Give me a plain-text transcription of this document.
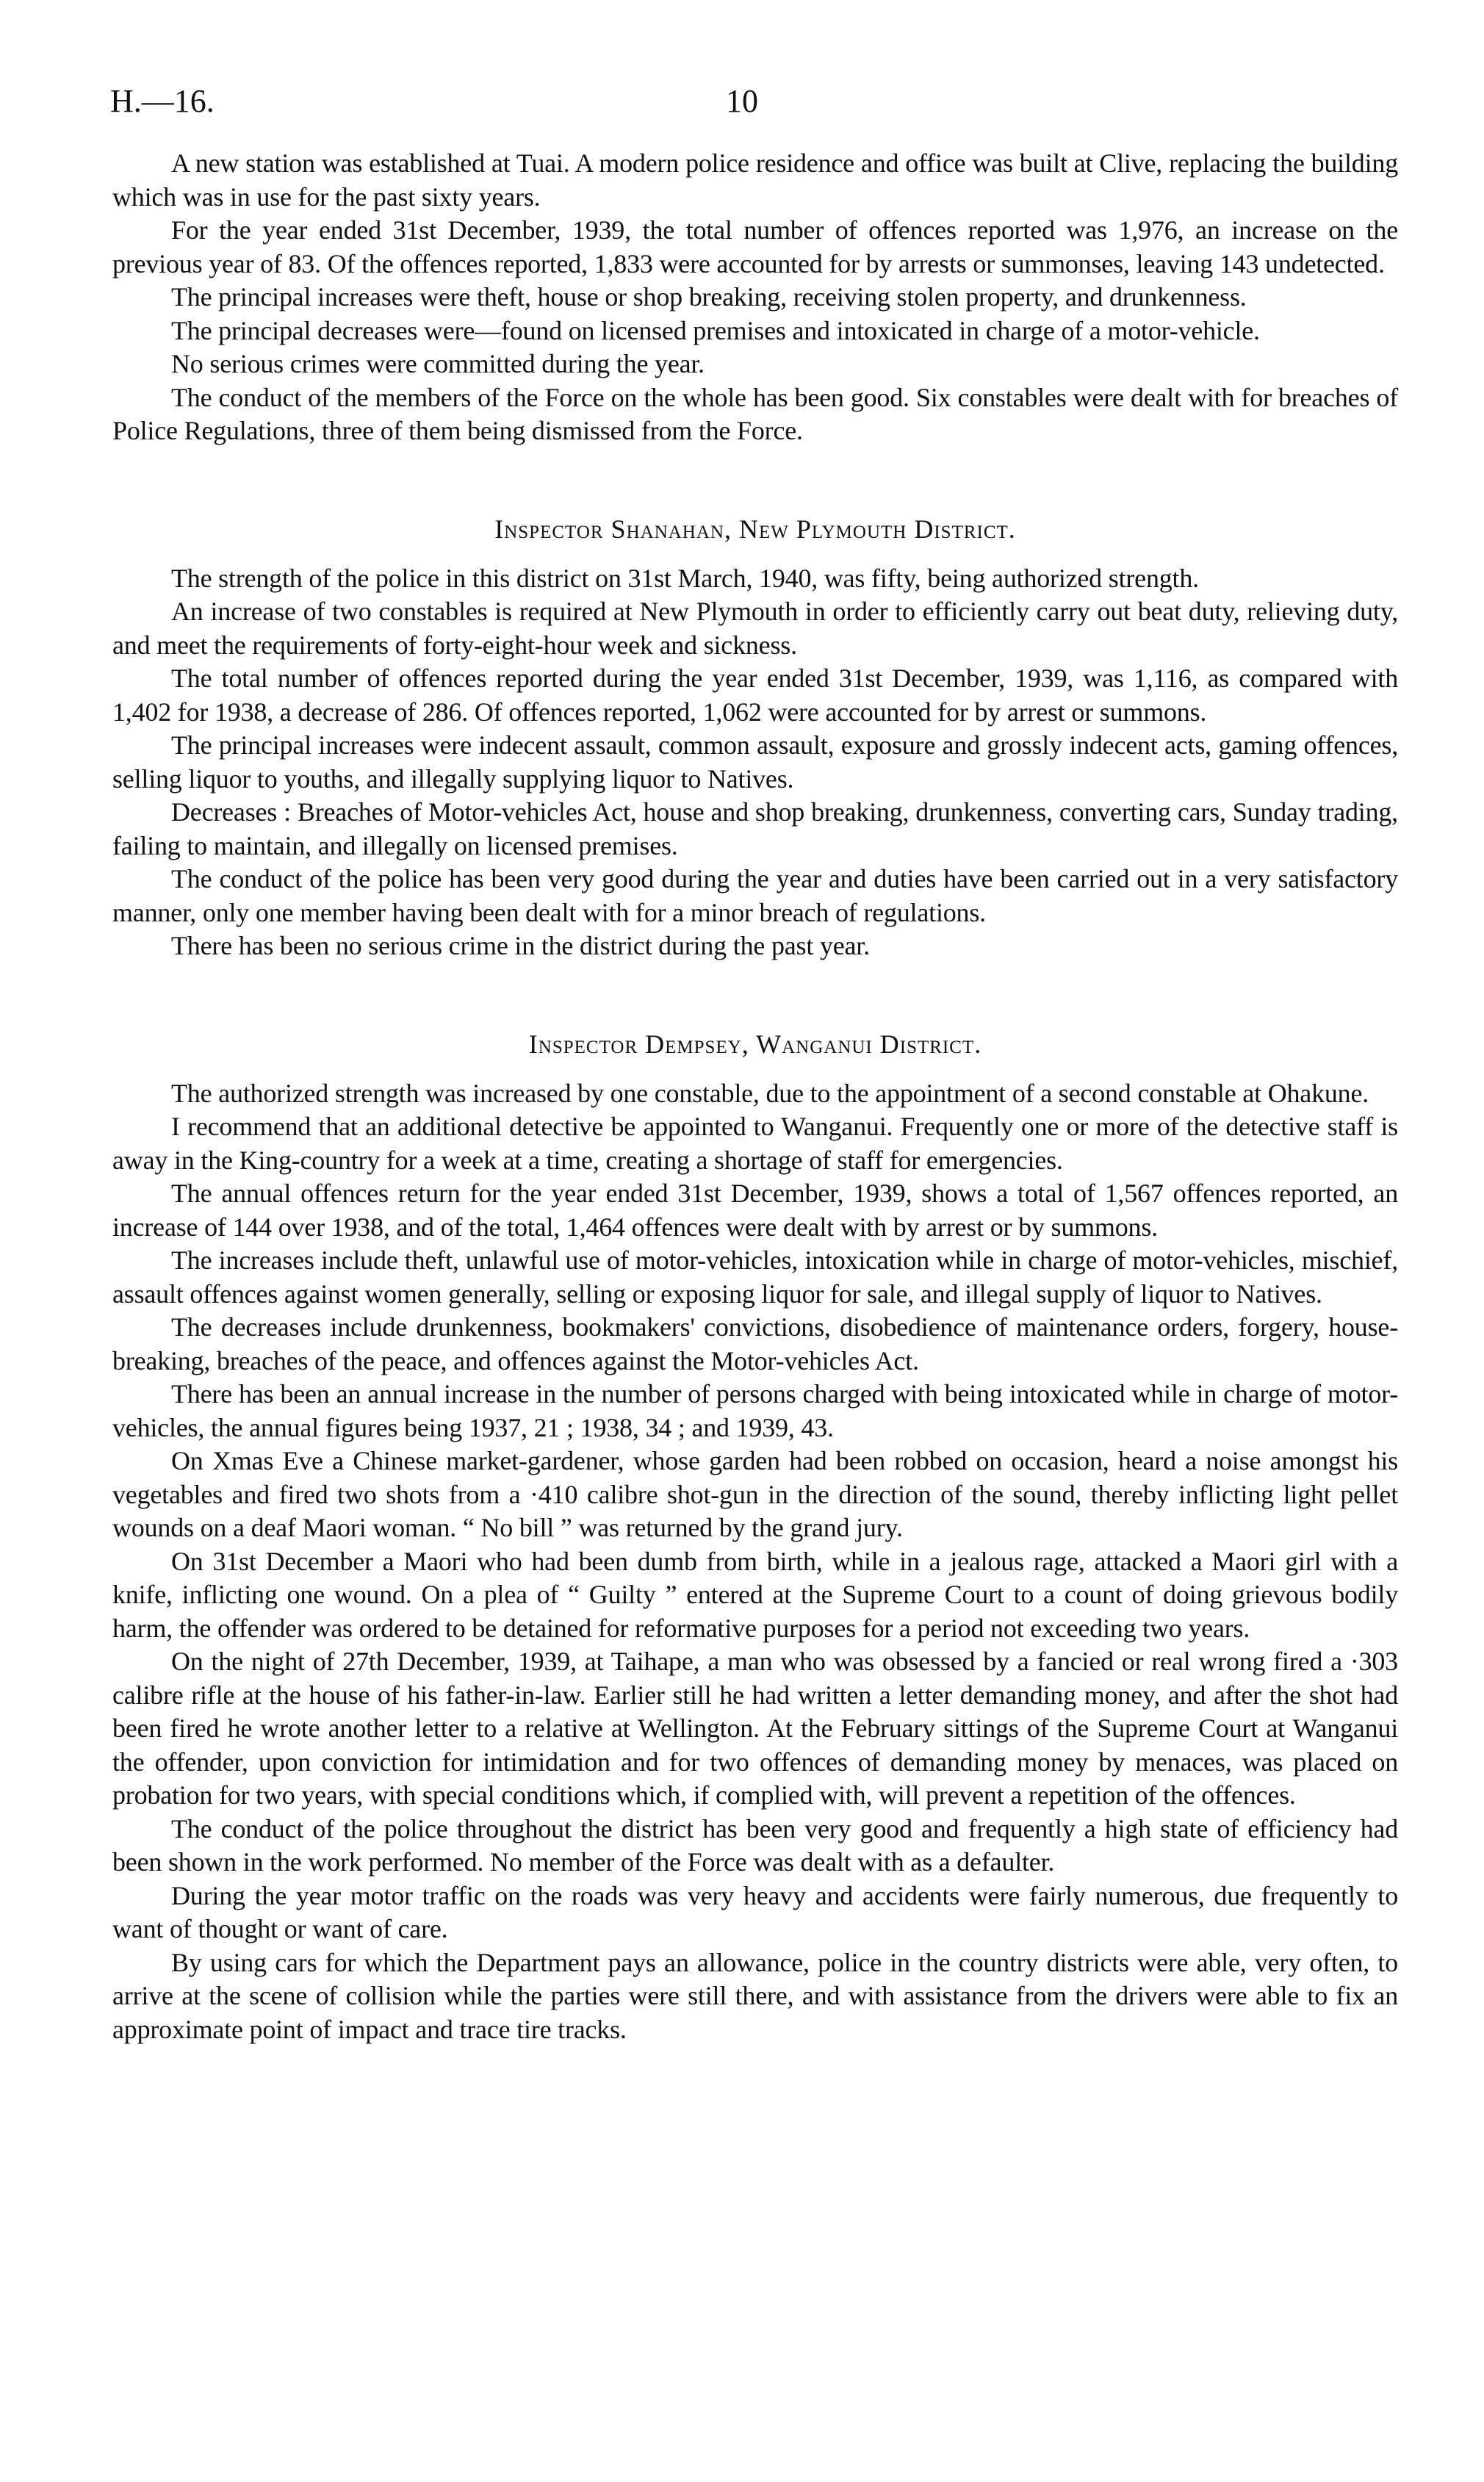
H.—16.	10

A new station was established at Tuai. A modern police residence and office was built at Clive, replacing the building which was in use for the past sixty years.

For the year ended 31st December, 1939, the total number of offences reported was 1,976, an increase on the previous year of 83. Of the offences reported, 1,833 were accounted for by arrests or summonses, leaving 143 undetected.

The principal increases were theft, house or shop breaking, receiving stolen property, and drunkenness.

The principal decreases were—found on licensed premises and intoxicated in charge of a motor-vehicle.

No serious crimes were committed during the year.

The conduct of the members of the Force on the whole has been good. Six constables were dealt with for breaches of Police Regulations, three of them being dismissed from the Force.

Inspector Shanahan, New Plymouth District.

The strength of the police in this district on 31st March, 1940, was fifty, being authorized strength.

An increase of two constables is required at New Plymouth in order to efficiently carry out beat duty, relieving duty, and meet the requirements of forty-eight-hour week and sickness.

The total number of offences reported during the year ended 31st December, 1939, was 1,116, as compared with 1,402 for 1938, a decrease of 286. Of offences reported, 1,062 were accounted for by arrest or summons.

The principal increases were indecent assault, common assault, exposure and grossly indecent acts, gaming offences, selling liquor to youths, and illegally supplying liquor to Natives.

Decreases : Breaches of Motor-vehicles Act, house and shop breaking, drunkenness, converting cars, Sunday trading, failing to maintain, and illegally on licensed premises.

The conduct of the police has been very good during the year and duties have been carried out in a very satisfactory manner, only one member having been dealt with for a minor breach of regulations.

There has been no serious crime in the district during the past year.

Inspector Dempsey, Wanganui District.

The authorized strength was increased by one constable, due to the appointment of a second constable at Ohakune.

I recommend that an additional detective be appointed to Wanganui. Frequently one or more of the detective staff is away in the King-country for a week at a time, creating a shortage of staff for emergencies.

The annual offences return for the year ended 31st December, 1939, shows a total of 1,567 offences reported, an increase of 144 over 1938, and of the total, 1,464 offences were dealt with by arrest or by summons.

The increases include theft, unlawful use of motor-vehicles, intoxication while in charge of motor-vehicles, mischief, assault offences against women generally, selling or exposing liquor for sale, and illegal supply of liquor to Natives.

The decreases include drunkenness, bookmakers' convictions, disobedience of maintenance orders, forgery, house-breaking, breaches of the peace, and offences against the Motor-vehicles Act.

There has been an annual increase in the number of persons charged with being intoxicated while in charge of motor-vehicles, the annual figures being 1937, 21 ; 1938, 34 ; and 1939, 43.

On Xmas Eve a Chinese market-gardener, whose garden had been robbed on occasion, heard a noise amongst his vegetables and fired two shots from a ·410 calibre shot-gun in the direction of the sound, thereby inflicting light pellet wounds on a deaf Maori woman. “ No bill ” was returned by the grand jury.

On 31st December a Maori who had been dumb from birth, while in a jealous rage, attacked a Maori girl with a knife, inflicting one wound. On a plea of “ Guilty ” entered at the Supreme Court to a count of doing grievous bodily harm, the offender was ordered to be detained for reformative purposes for a period not exceeding two years.

On the night of 27th December, 1939, at Taihape, a man who was obsessed by a fancied or real wrong fired a ·303 calibre rifle at the house of his father-in-law. Earlier still he had written a letter demanding money, and after the shot had been fired he wrote another letter to a relative at Wellington. At the February sittings of the Supreme Court at Wanganui the offender, upon conviction for intimidation and for two offences of demanding money by menaces, was placed on probation for two years, with special conditions which, if complied with, will prevent a repetition of the offences.

The conduct of the police throughout the district has been very good and frequently a high state of efficiency had been shown in the work performed. No member of the Force was dealt with as a defaulter.

During the year motor traffic on the roads was very heavy and accidents were fairly numerous, due frequently to want of thought or want of care.

By using cars for which the Department pays an allowance, police in the country districts were able, very often, to arrive at the scene of collision while the parties were still there, and with assistance from the drivers were able to fix an approximate point of impact and trace tire tracks.
